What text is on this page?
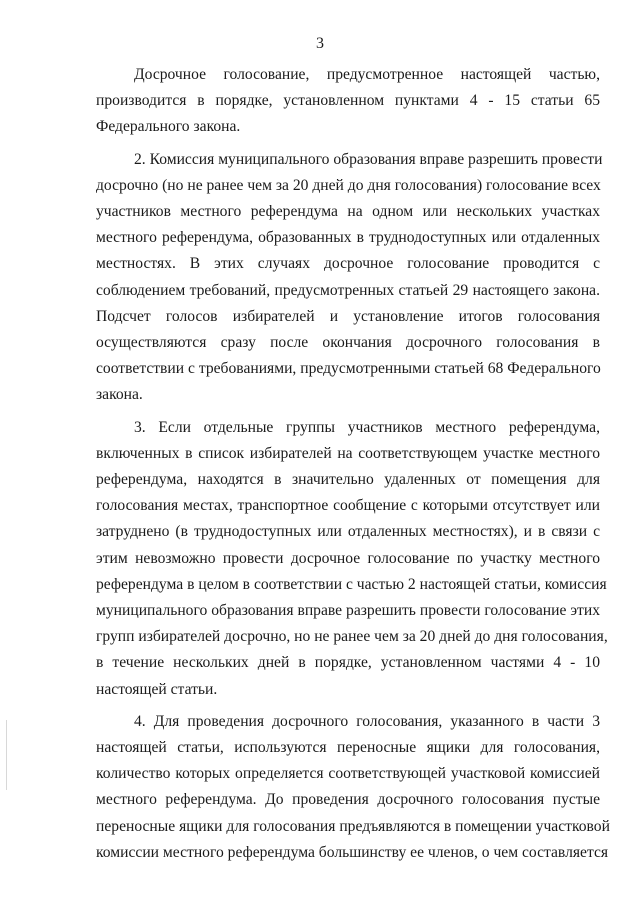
3
Досрочное голосование, предусмотренное настоящей частью,
производится в порядке, установленном пунктами 4 - 15 статьи 65
Федерального закона.
2. Комиссия муниципального образования вправе разрешить провести
досрочно (но не ранее чем за 20 дней до дня голосования) голосование всех
участников местного референдума на одном или нескольких участках
местного референдума, образованных в труднодоступных или отдаленных
местностях. В этих случаях досрочное голосование проводится с
соблюдением требований, предусмотренных статьей 29 настоящего закона.
Подсчет голосов избирателей и установление итогов голосования
осуществляются сразу после окончания досрочного голосования в
соответствии с требованиями, предусмотренными статьей 68 Федерального
закона.
3. Если отдельные группы участников местного референдума,
включенных в список избирателей на соответствующем участке местного
референдума, находятся в значительно удаленных от помещения для
голосования местах, транспортное сообщение с которыми отсутствует или
затруднено (в труднодоступных или отдаленных местностях), и в связи с
этим невозможно провести досрочное голосование по участку местного
референдума в целом в соответствии с частью 2 настоящей статьи, комиссия
муниципального образования вправе разрешить провести голосование этих
групп избирателей досрочно, но не ранее чем за 20 дней до дня голосования,
в течение нескольких дней в порядке, установленном частями 4 - 10
настоящей статьи.
4. Для проведения досрочного голосования, указанного в части 3
настоящей статьи, используются переносные ящики для голосования,
количество которых определяется соответствующей участковой комиссией
местного референдума. До проведения досрочного голосования пустые
переносные ящики для голосования предъявляются в помещении участковой
комиссии местного референдума большинству ее членов, о чем составляется
